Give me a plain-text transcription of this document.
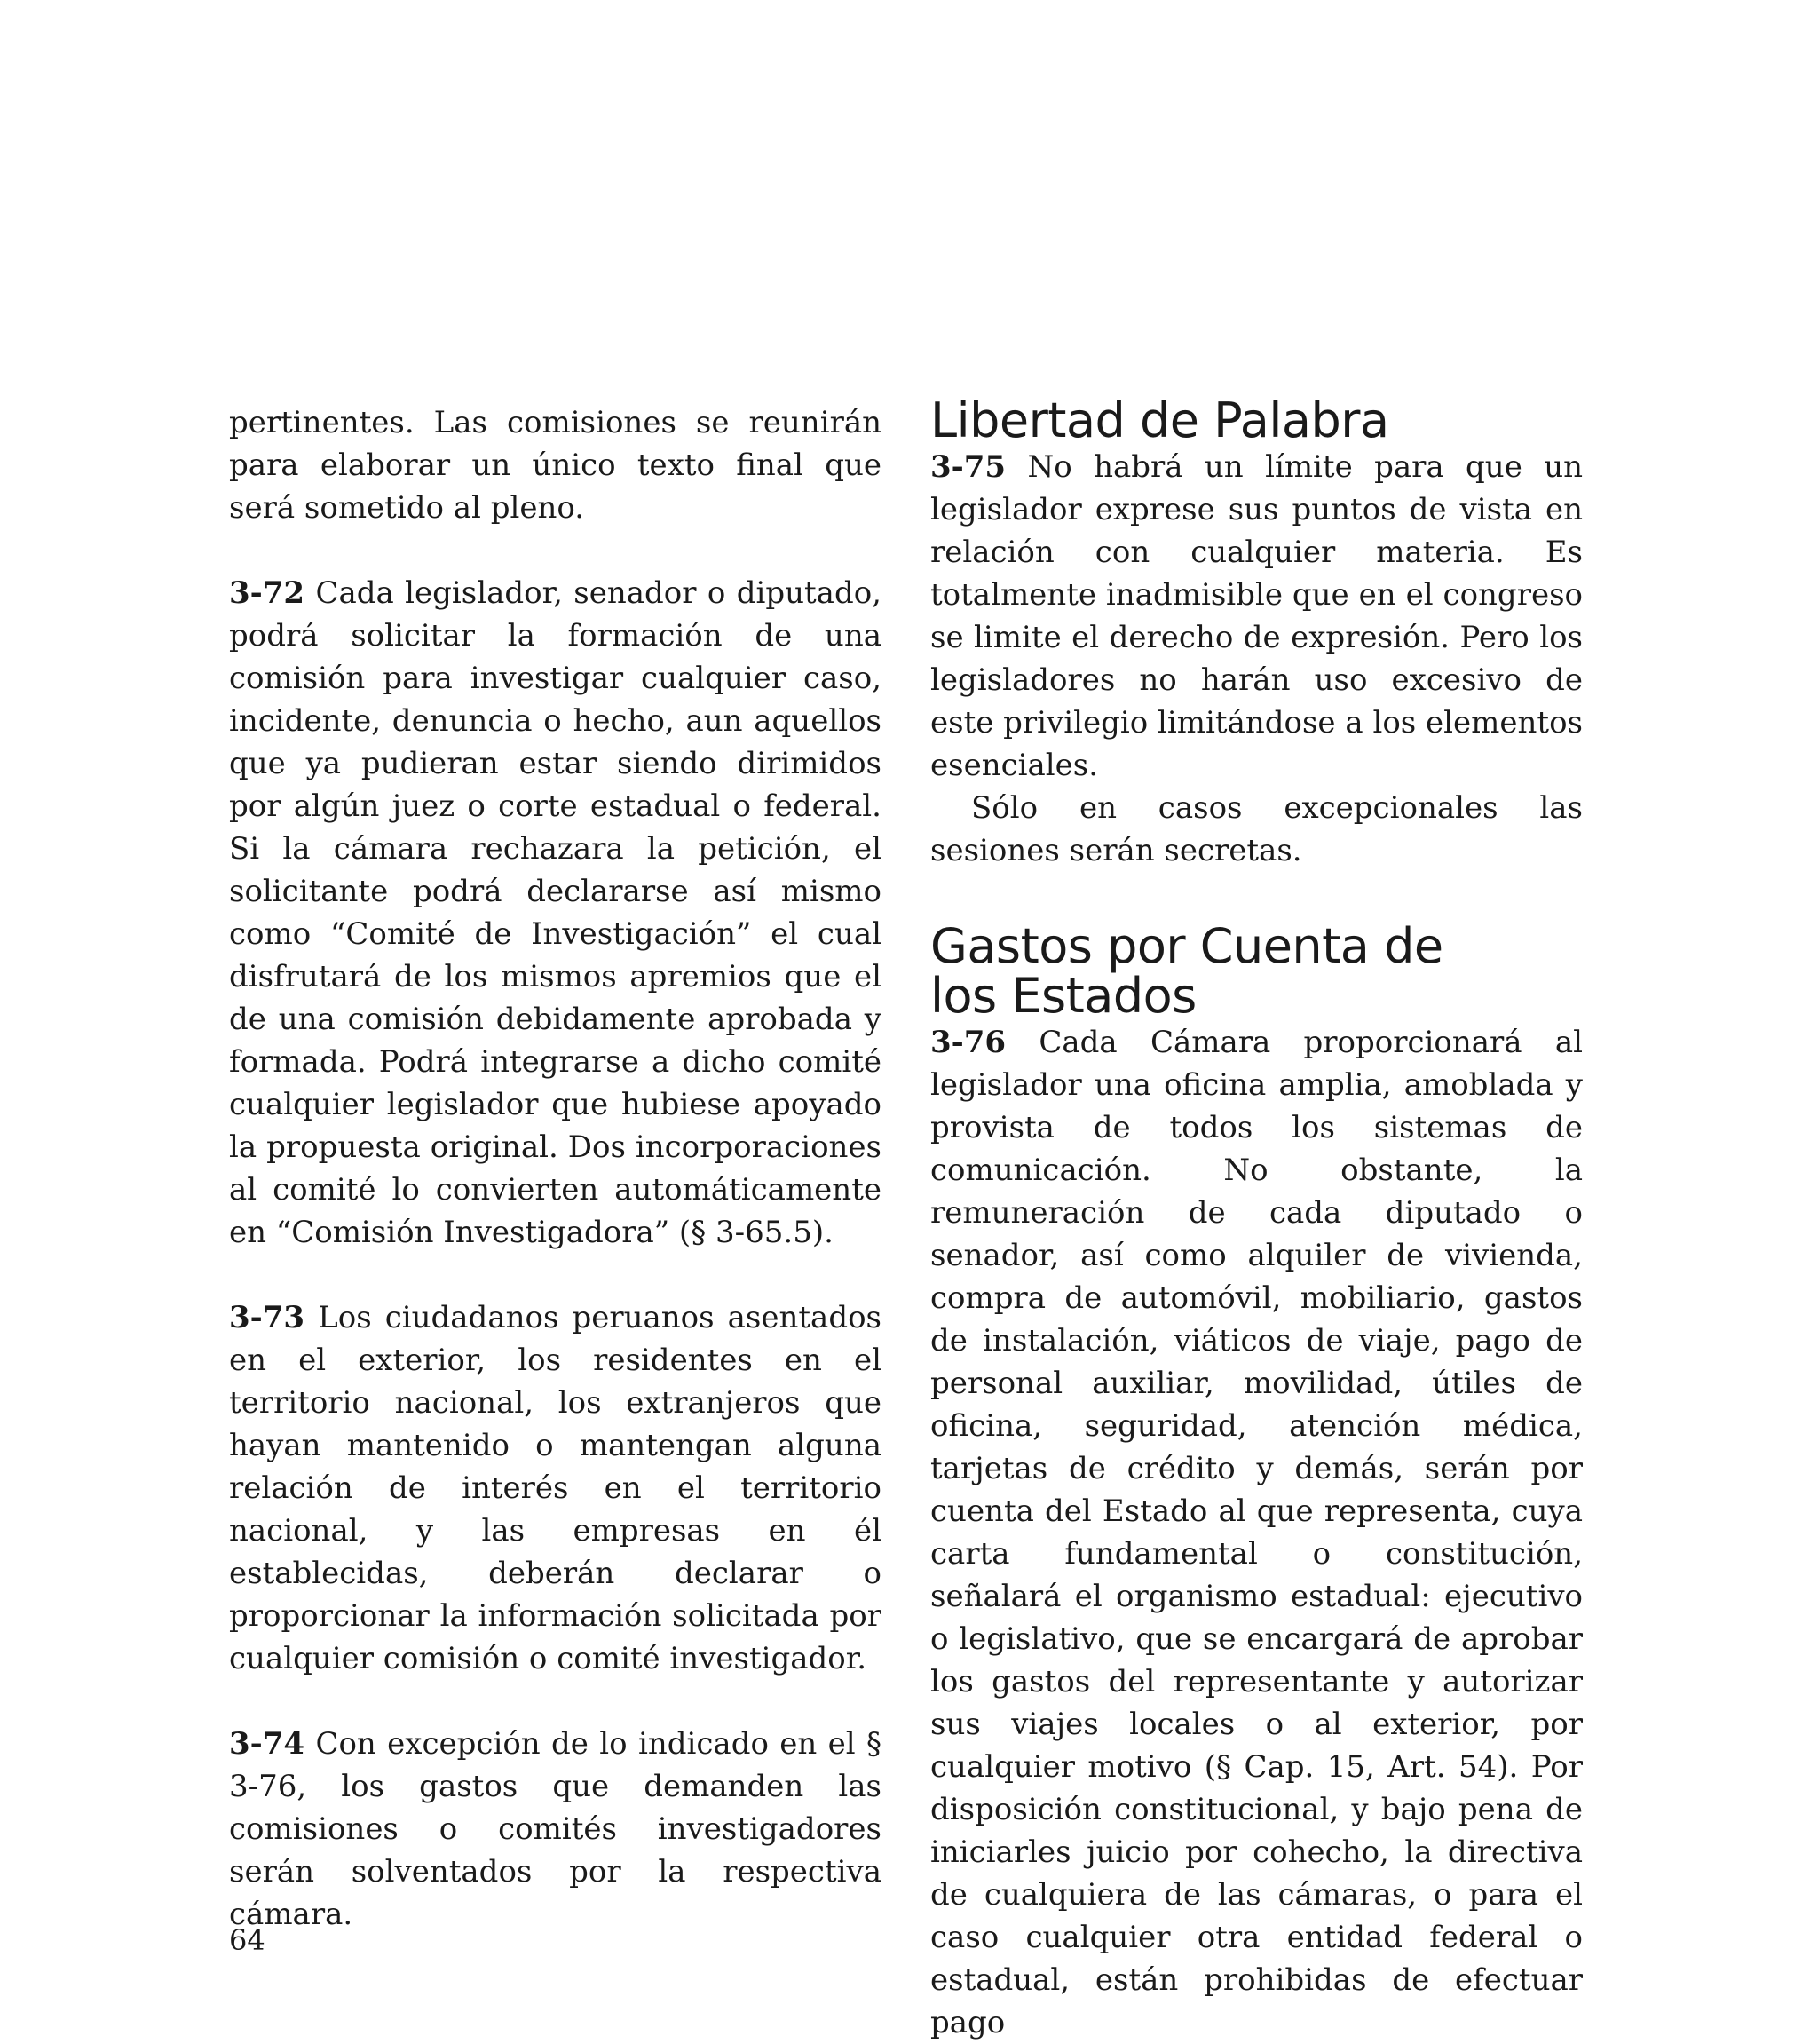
pertinentes. Las comisiones se reunirán para elaborar un único texto final que será sometido al pleno.

3-72 Cada legislador, senador o diputado, podrá solicitar la formación de una comisión para investigar cualquier caso, incidente, denuncia o hecho, aun aquellos que ya pudieran estar siendo dirimidos por algún juez o corte estadual o federal. Si la cámara rechazara la petición, el solicitante podrá declararse así mismo como “Comité de Investigación” el cual disfrutará de los mismos apremios que el de una comisión debidamente aprobada y formada. Podrá integrarse a dicho comité cualquier legislador que hubiese apoyado la propuesta original. Dos incorporaciones al comité lo convierten automáticamente en “Comisión Investigadora” (§ 3-65.5).

3-73 Los ciudadanos peruanos asentados en el exterior, los residentes en el territorio nacional, los extranjeros que hayan mantenido o mantengan alguna relación de interés en el territorio nacional, y las empresas en él establecidas, deberán declarar o proporcionar la información solicitada por cualquier comisión o comité investigador.

3-74 Con excepción de lo indicado en el § 3-76, los gastos que demanden las comisiones o comités investigadores serán solventados por la respectiva cámara.

Libertad de Palabra

3-75 No habrá un límite para que un legislador exprese sus puntos de vista en relación con cualquier materia. Es totalmente inadmisible que en el congreso se limite el derecho de expresión. Pero los legisladores no harán uso excesivo de este privilegio limitándose a los elementos esenciales.

Sólo en casos excepcionales las sesiones serán secretas.

Gastos por Cuenta de
los Estados

3-76 Cada Cámara proporcionará al legislador una oficina amplia, amoblada y provista de todos los sistemas de comunicación. No obstante, la remuneración de cada diputado o senador, así como alquiler de vivienda, compra de automóvil, mobiliario, gastos de instalación, viáticos de viaje, pago de personal auxiliar, movilidad, útiles de oficina, seguridad, atención médica, tarjetas de crédito y demás, serán por cuenta del Estado al que representa, cuya carta fundamental o constitución, señalará el organismo estadual: ejecutivo o legislativo, que se encargará de aprobar los gastos del representante y autorizar sus viajes locales o al exterior, por cualquier motivo (§ Cap. 15, Art. 54). Por disposición constitucional, y bajo pena de iniciarles juicio por cohecho, la directiva de cualquiera de las cámaras, o para el caso cualquier otra entidad federal o estadual, están prohibidas de efectuar pago

64
